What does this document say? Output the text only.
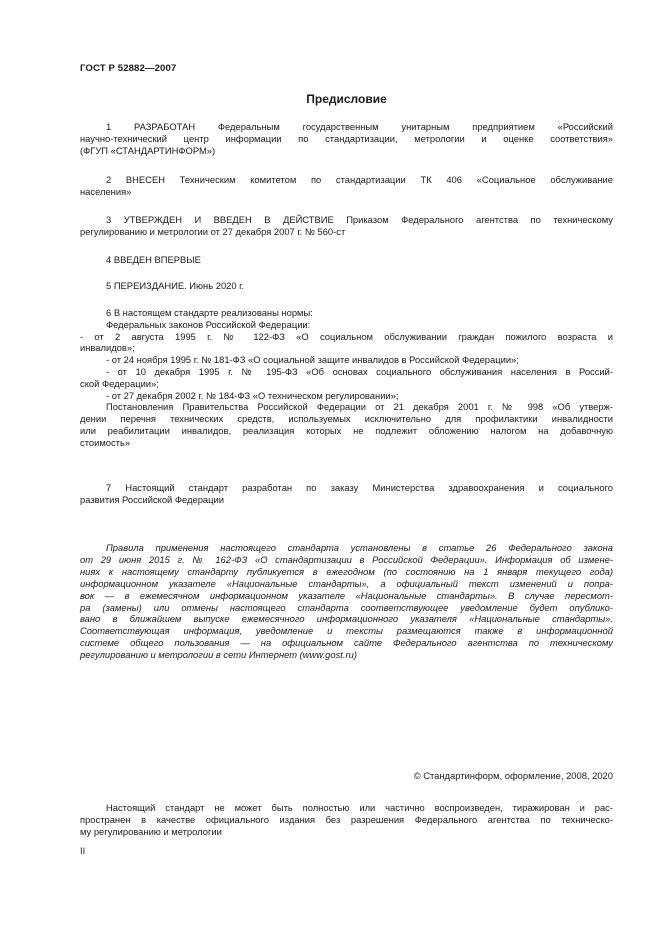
ГОСТ Р 52882—2007
Предисловие
1 РАЗРАБОТАН Федеральным государственным унитарным предприятием «Российский
научно-технический центр информации по стандартизации, метрологии и оценке соответствия»
(ФГУП «СТАНДАРТИНФОРМ»)
2 ВНЕСЕН Техническим комитетом по стандартизации ТК 406 «Социальное обслуживание
населения»
3 УТВЕРЖДЕН И ВВЕДЕН В ДЕЙСТВИЕ Приказом Федерального агентства по техническому
регулированию и метрологии от 27 декабря 2007 г. № 560-ст
4 ВВЕДЕН ВПЕРВЫЕ
5 ПЕРЕИЗДАНИЕ. Июнь 2020 г.
6 В настоящем стандарте реализованы нормы:
Федеральных законов Российской Федерации:
- от 2 августа 1995 г. № 122-ФЗ «О социальном обслуживании граждан пожилого возраста и
инвалидов»;
- от 24 ноября 1995 г. № 181-ФЗ «О социальной защите инвалидов в Российской Федерации»;
- от 10 декабря 1995 г. № 195-ФЗ «Об основах социального обслуживания населения в Россий-
ской Федерации»;
- от 27 декабря 2002 г. № 184-ФЗ «О техническом регулировании»;
Постановления Правительства Российской Федерации от 21 декабря 2001 г. № 998 «Об утверж-
дении перечня технических средств, используемых исключительно для профилактики инвалидности
или реабилитации инвалидов, реализация которых не подлежит обложению налогом на добавочную
стоимость»
7 Настоящий стандарт разработан по заказу Министерства здравоохранения и социального
развития Российской Федерации
Правила применения настоящего стандарта установлены в статье 26 Федерального закона
от 29 июня 2015 г. № 162-ФЗ «О стандартизации в Российской Федерации». Информация об измене-
ниях к настоящему стандарту публикуется в ежегодном (по состоянию на 1 января текущего года)
информационном указателе «Национальные стандарты», а официальный текст изменений и попра-
вок — в ежемесячном информационном указателе «Национальные стандарты». В случае пересмот-
ра (замены) или отмены настоящего стандарта соответствующее уведомление будет опублико-
вано в ближайшем выпуске ежемесячного информационного указателя «Национальные стандарты».
Соответствующая информация, уведомление и тексты размещаются также в информационной
системе общего пользования — на официальном сайте Федерального агентства по техническому
регулированию и метрологии в сети Интернет (www.gost.ru)
© Стандартинформ, оформление, 2008, 2020
Настоящий стандарт не может быть полностью или частично воспроизведен, тиражирован и рас-
пространен в качестве официального издания без разрешения Федерального агентства по техническо-
му регулированию и метрологии
II
